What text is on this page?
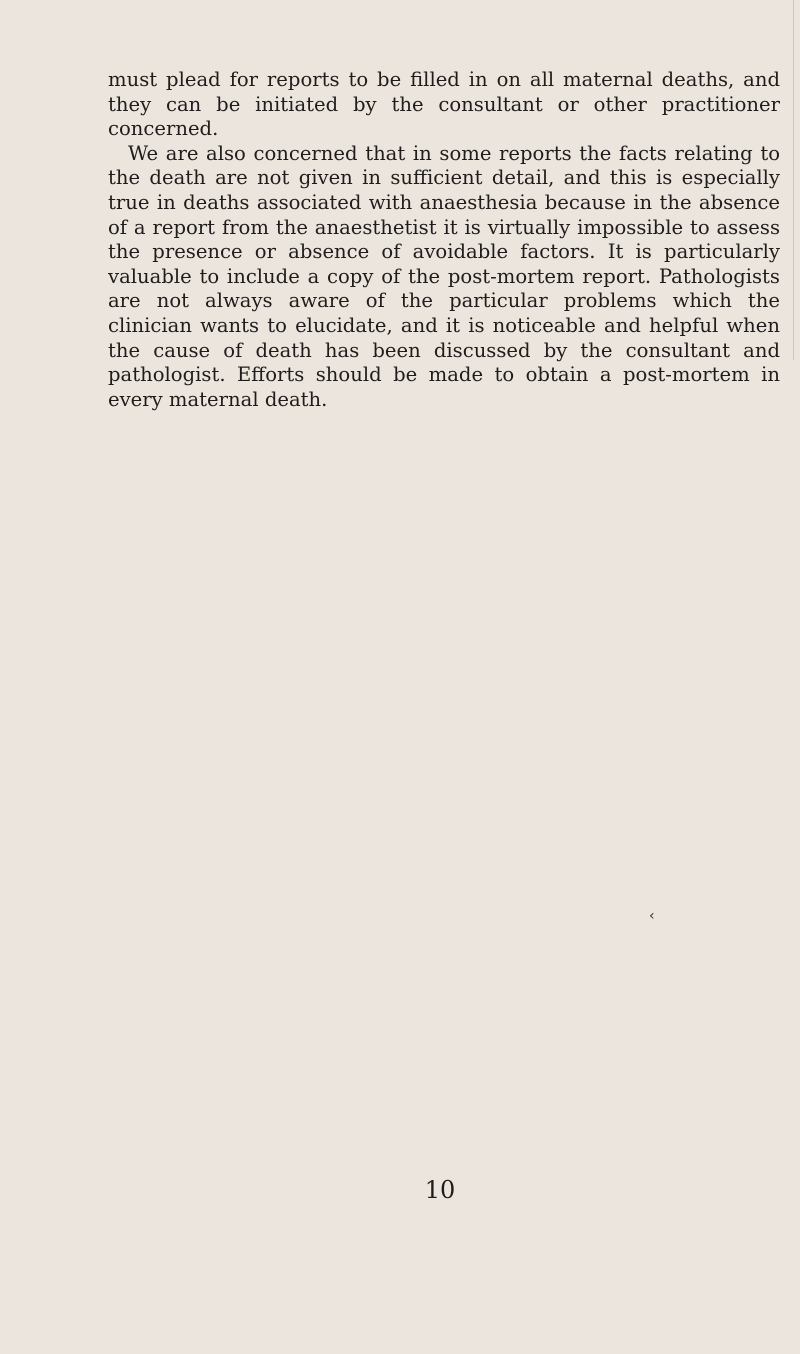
must plead for reports to be filled in on all maternal deaths, and they can be initiated by the consultant or other practitioner concerned.

We are also concerned that in some reports the facts relating to the death are not given in sufficient detail, and this is especially true in deaths associated with anaesthesia because in the absence of a report from the anaesthetist it is virtually impossible to assess the presence or absence of avoidable factors. It is particularly valuable to include a copy of the post-mortem report. Pathologists are not always aware of the particular problems which the clinician wants to elucidate, and it is noticeable and helpful when the cause of death has been discussed by the consultant and pathologist. Efforts should be made to obtain a post-mortem in every maternal death.

‹
10
